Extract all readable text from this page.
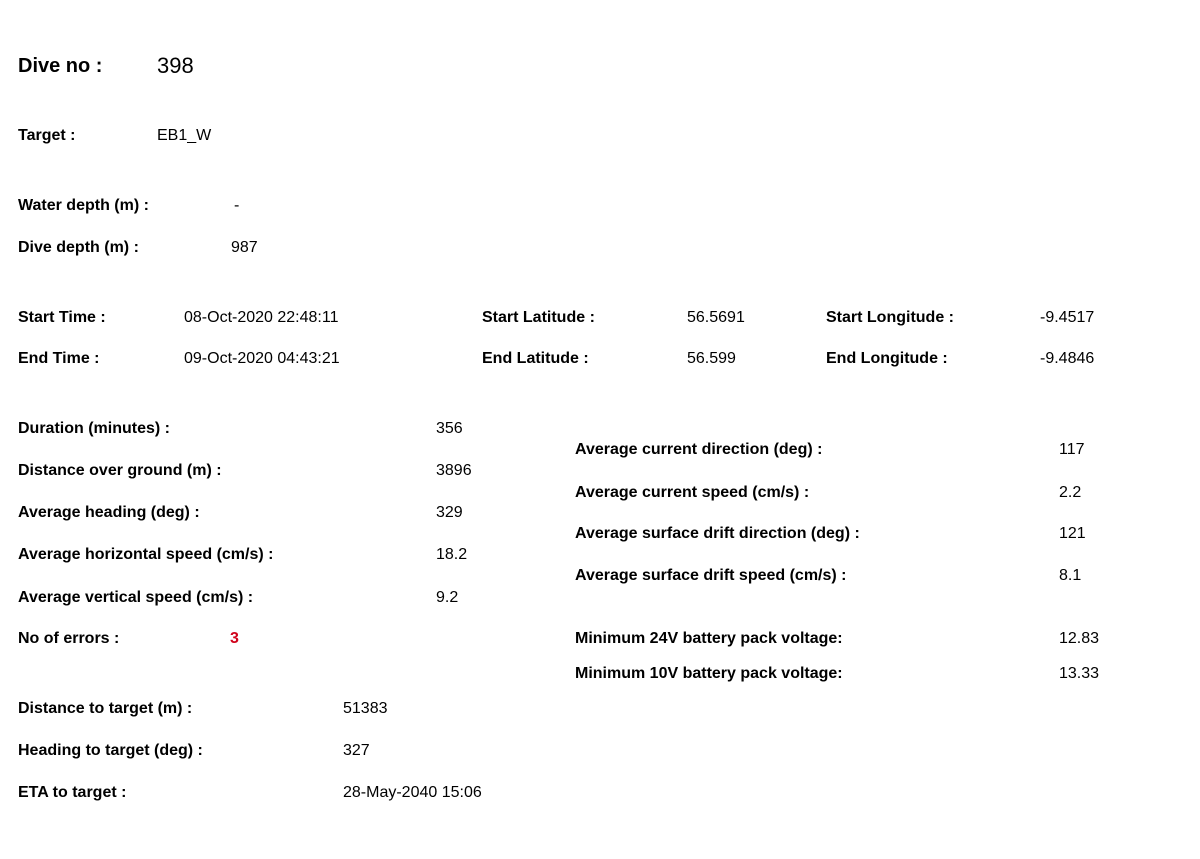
Dive no : 398
Target :	EB1_W
Water depth (m) :	-
Dive depth (m) :	987
Start Time :	08-Oct-2020 22:48:11	Start Latitude :	56.5691	Start Longitude :	-9.4517
End Time :	09-Oct-2020 04:43:21	End Latitude :	56.599	End Longitude :	-9.4846
Duration (minutes) :	356
Distance over ground (m) :	3896
Average heading (deg) :	329
Average horizontal speed (cm/s) :	18.2
Average vertical speed (cm/s) :	9.2
No of errors :	3
Average current direction (deg) :	117
Average current speed (cm/s) :	2.2
Average surface drift direction (deg) :	121
Average surface drift speed (cm/s) :	8.1
Minimum 24V battery pack voltage:	12.83
Minimum 10V battery pack voltage:	13.33
Distance to target (m) :	51383
Heading to target (deg) :	327
ETA to target :	28-May-2040 15:06
